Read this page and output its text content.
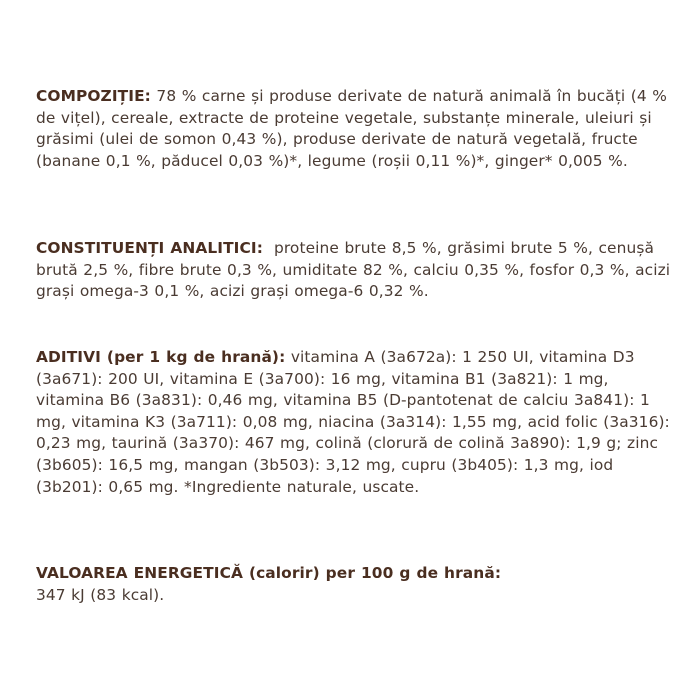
COMPOZIȚIE: 78 % carne și produse derivate de natură animală în bucăți (4 % de vițel), cereale, extracte de proteine vegetale, substanțe minerale, uleiuri și grăsimi (ulei de somon 0,43 %), produse derivate de natură vegetală, fructe (banane 0,1 %, păducel 0,03 %)*, legume (roșii 0,11 %)*, ginger* 0,005 %.
CONSTITUENȚI ANALITICI:  proteine brute 8,5 %, grăsimi brute 5 %, cenușă brută 2,5 %, fibre brute 0,3 %, umiditate 82 %, calciu 0,35 %, fosfor 0,3 %, acizi grași omega-3 0,1 %, acizi grași omega-6 0,32 %.
ADITIVI (per 1 kg de hrană): vitamina A (3a672a): 1 250 UI, vitamina D3 (3a671): 200 UI, vitamina E (3a700): 16 mg, vitamina B1 (3a821): 1 mg, vitamina B6 (3a831): 0,46 mg, vitamina B5 (D-pantotenat de calciu 3a841): 1 mg, vitamina K3 (3a711): 0,08 mg, niacina (3a314): 1,55 mg, acid folic (3a316): 0,23 mg, taurină (3a370): 467 mg, colină (clorură de colină 3a890): 1,9 g; zinc (3b605): 16,5 mg, mangan (3b503): 3,12 mg, cupru (3b405): 1,3 mg, iod (3b201): 0,65 mg. *Ingrediente naturale, uscate.
VALOAREA ENERGETICĂ (calorir) per 100 g de hrană:
347 kJ (83 kcal).
